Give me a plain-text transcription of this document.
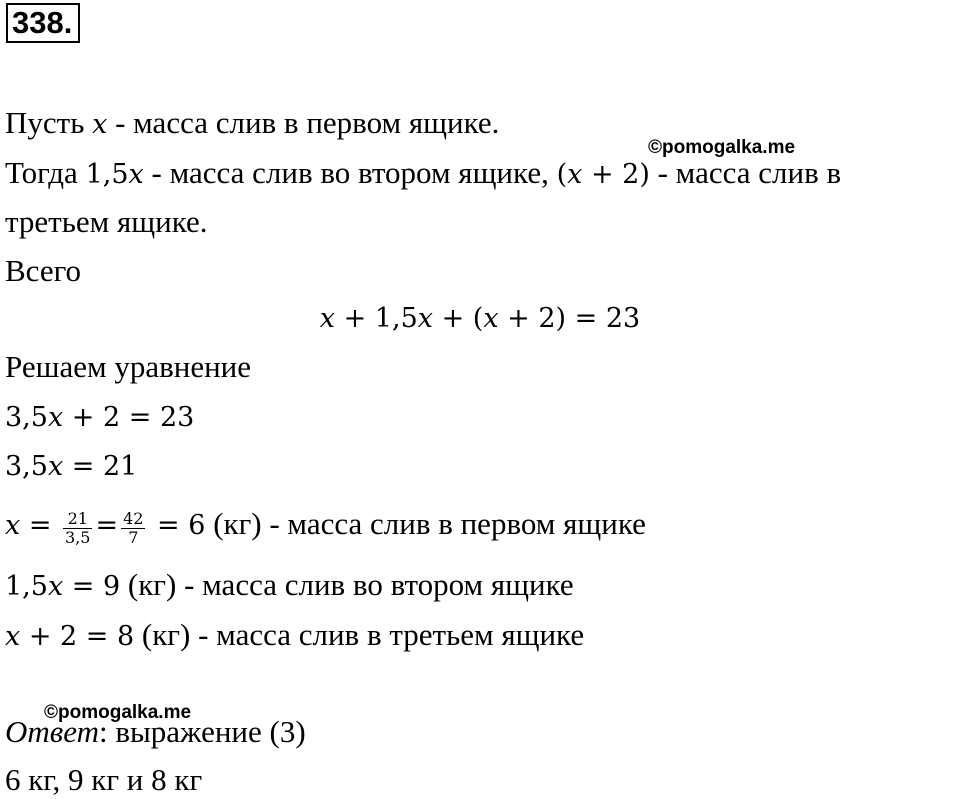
338.
Пусть x - масса слив в первом ящике.
©pomogalka.me
Тогда 1,5x - масса слив во втором ящике, (x + 2) - масса слив в
третьем ящике.
Всего
x + 1,5x + (x + 2) = 23
Решаем уравнение
3,5x + 2 = 23
3,5x = 21
$x = \frac{21}{3,5} = \frac{42}{7} = 6$ (кг) - масса слив в первом ящике
1,5x = 9 (кг) - масса слив во втором ящике
x + 2 = 8 (кг) - масса слив в третьем ящике
©pomogalka.me
Ответ: выражение (3)
6 кг, 9 кг и 8 кг
